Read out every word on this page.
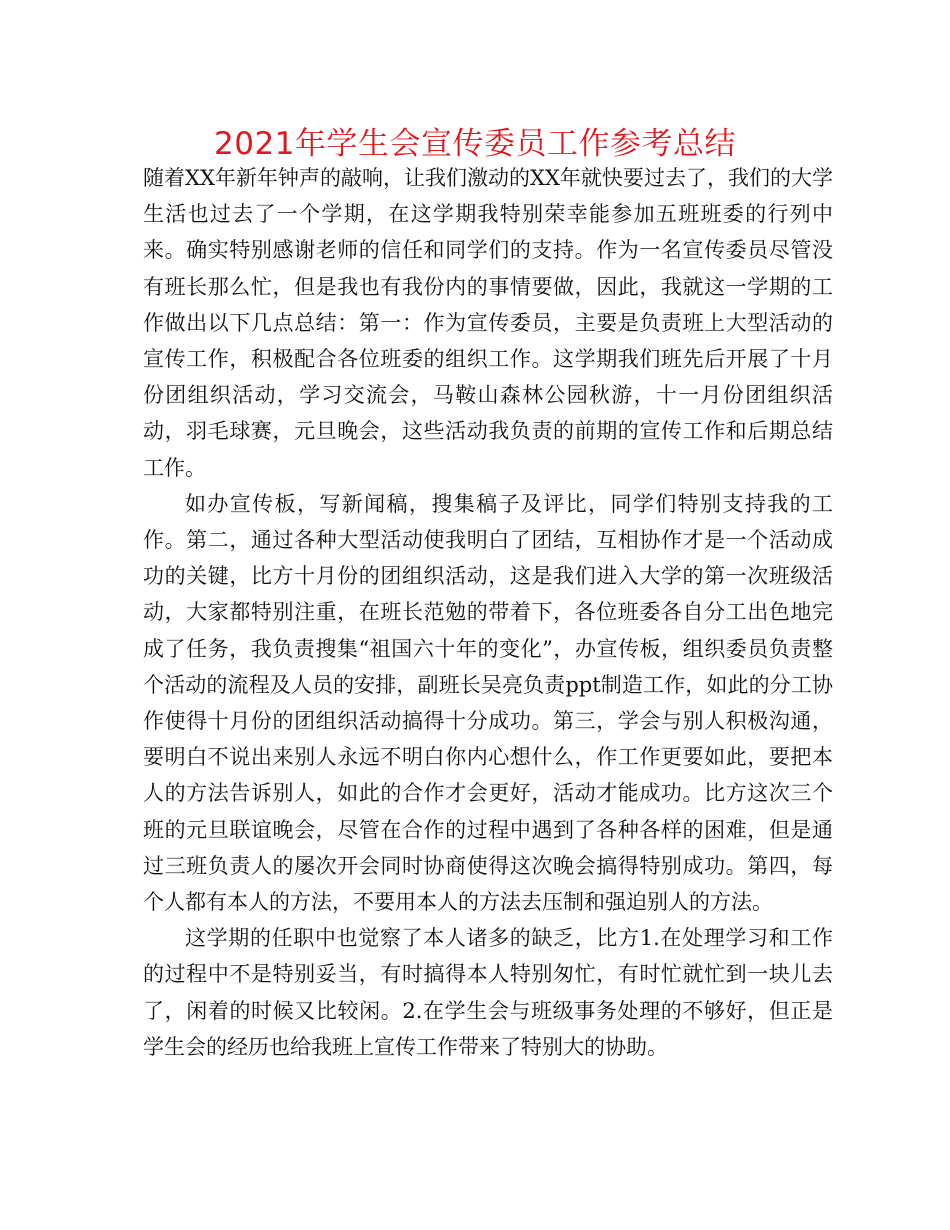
2021年学生会宣传委员工作参考总结

随着XX年新年钟声的敲响，让我们激动的XX年就快要过去了，我们的大学生活也过去了一个学期，在这学期我特别荣幸能参加五班班委的行列中来。确实特别感谢老师的信任和同学们的支持。作为一名宣传委员尽管没有班长那么忙，但是我也有我份内的事情要做，因此，我就这一学期的工作做出以下几点总结：第一：作为宣传委员，主要是负责班上大型活动的宣传工作，积极配合各位班委的组织工作。这学期我们班先后开展了十月份团组织活动，学习交流会，马鞍山森林公园秋游，十一月份团组织活动，羽毛球赛，元旦晚会，这些活动我负责的前期的宣传工作和后期总结工作。

如办宣传板，写新闻稿，搜集稿子及评比，同学们特别支持我的工作。第二，通过各种大型活动使我明白了团结，互相协作才是一个活动成功的关键，比方十月份的团组织活动，这是我们进入大学的第一次班级活动，大家都特别注重，在班长范勉的带着下，各位班委各自分工出色地完成了任务，我负责搜集“祖国六十年的变化”，办宣传板，组织委员负责整个活动的流程及人员的安排，副班长吴亮负责ppt制造工作，如此的分工协作使得十月份的团组织活动搞得十分成功。第三，学会与别人积极沟通，要明白不说出来别人永远不明白你内心想什么，作工作更要如此，要把本人的方法告诉别人，如此的合作才会更好，活动才能成功。比方这次三个班的元旦联谊晚会，尽管在合作的过程中遇到了各种各样的困难，但是通过三班负责人的屡次开会同时协商使得这次晚会搞得特别成功。第四，每个人都有本人的方法，不要用本人的方法去压制和强迫别人的方法。

这学期的任职中也觉察了本人诸多的缺乏，比方1.在处理学习和工作的过程中不是特别妥当，有时搞得本人特别匆忙，有时忙就忙到一块儿去了，闲着的时候又比较闲。2.在学生会与班级事务处理的不够好，但正是学生会的经历也给我班上宣传工作带来了特别大的协助。
